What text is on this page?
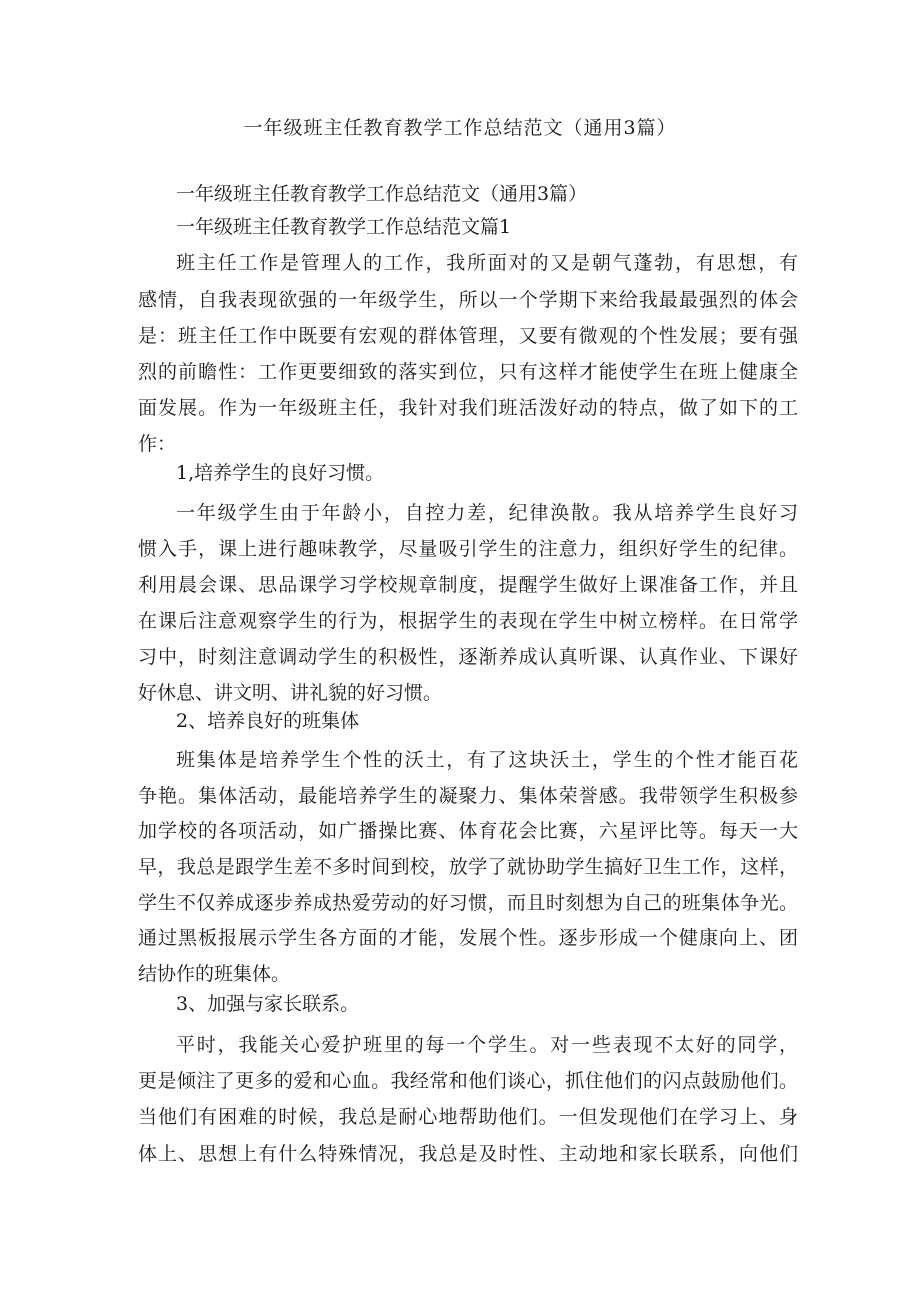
一年级班主任教育教学工作总结范文（通用3篇）
一年级班主任教育教学工作总结范文（通用3篇）
一年级班主任教育教学工作总结范文篇1
班主任工作是管理人的工作，我所面对的又是朝气蓬勃，有思想，有
感情，自我表现欲强的一年级学生，所以一个学期下来给我最最强烈的体会
是：班主任工作中既要有宏观的群体管理，又要有微观的个性发展；要有强
烈的前瞻性：工作更要细致的落实到位，只有这样才能使学生在班上健康全
面发展。作为一年级班主任，我针对我们班活泼好动的特点，做了如下的工
作：
1,培养学生的良好习惯。
一年级学生由于年龄小，自控力差，纪律涣散。我从培养学生良好习
惯入手，课上进行趣味教学，尽量吸引学生的注意力，组织好学生的纪律。
利用晨会课、思品课学习学校规章制度，提醒学生做好上课准备工作，并且
在课后注意观察学生的行为，根据学生的表现在学生中树立榜样。在日常学
习中，时刻注意调动学生的积极性，逐渐养成认真听课、认真作业、下课好
好休息、讲文明、讲礼貌的好习惯。
2、培养良好的班集体
班集体是培养学生个性的沃土，有了这块沃土，学生的个性才能百花
争艳。集体活动，最能培养学生的凝聚力、集体荣誉感。我带领学生积极参
加学校的各项活动，如广播操比赛、体育花会比赛，六星评比等。每天一大
早，我总是跟学生差不多时间到校，放学了就协助学生搞好卫生工作，这样，
学生不仅养成逐步养成热爱劳动的好习惯，而且时刻想为自己的班集体争光。
通过黑板报展示学生各方面的才能，发展个性。逐步形成一个健康向上、团
结协作的班集体。
3、加强与家长联系。
平时，我能关心爱护班里的每一个学生。对一些表现不太好的同学，
更是倾注了更多的爱和心血。我经常和他们谈心，抓住他们的闪点鼓励他们。
当他们有困难的时候，我总是耐心地帮助他们。一但发现他们在学习上、身
体上、思想上有什么特殊情况，我总是及时性、主动地和家长联系，向他们
